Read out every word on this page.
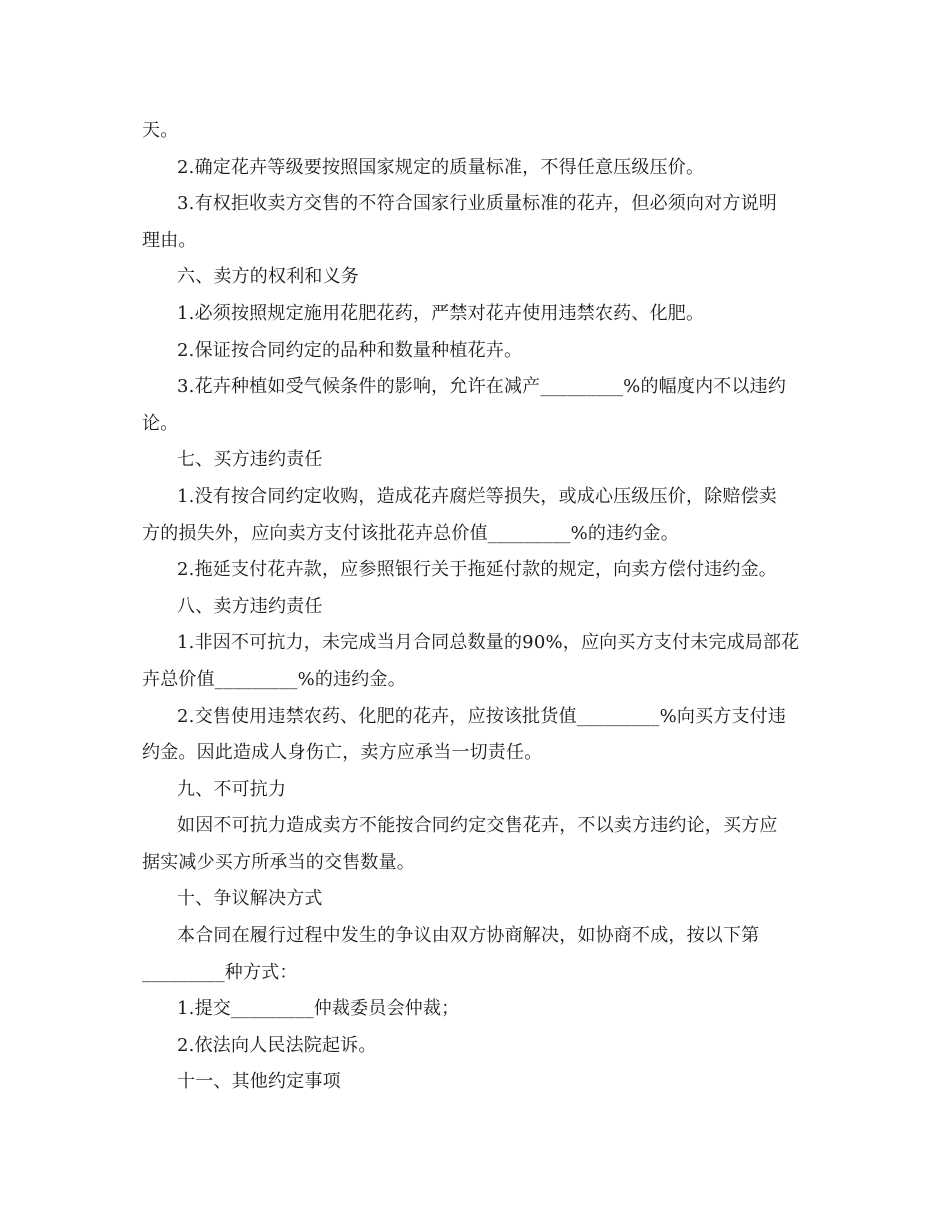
天。
2.确定花卉等级要按照国家规定的质量标准，不得任意压级压价。
3.有权拒收卖方交售的不符合国家行业质量标准的花卉，但必须向对方说明
理由。
六、卖方的权利和义务
1.必须按照规定施用花肥花药，严禁对花卉使用违禁农药、化肥。
2.保证按合同约定的品种和数量种植花卉。
3.花卉种植如受气候条件的影响，允许在减产_________%的幅度内不以违约
论。
七、买方违约责任
1.没有按合同约定收购，造成花卉腐烂等损失，或成心压级压价，除赔偿卖
方的损失外，应向卖方支付该批花卉总价值_________%的违约金。
2.拖延支付花卉款，应参照银行关于拖延付款的规定，向卖方偿付违约金。
八、卖方违约责任
1.非因不可抗力，未完成当月合同总数量的90%，应向买方支付未完成局部花
卉总价值_________%的违约金。
2.交售使用违禁农药、化肥的花卉，应按该批货值_________%向买方支付违
约金。因此造成人身伤亡，卖方应承当一切责任。
九、不可抗力
如因不可抗力造成卖方不能按合同约定交售花卉，不以卖方违约论，买方应
据实减少买方所承当的交售数量。
十、争议解决方式
本合同在履行过程中发生的争议由双方协商解决，如协商不成，按以下第
_________种方式：
1.提交_________仲裁委员会仲裁；
2.依法向人民法院起诉。
十一、其他约定事项
